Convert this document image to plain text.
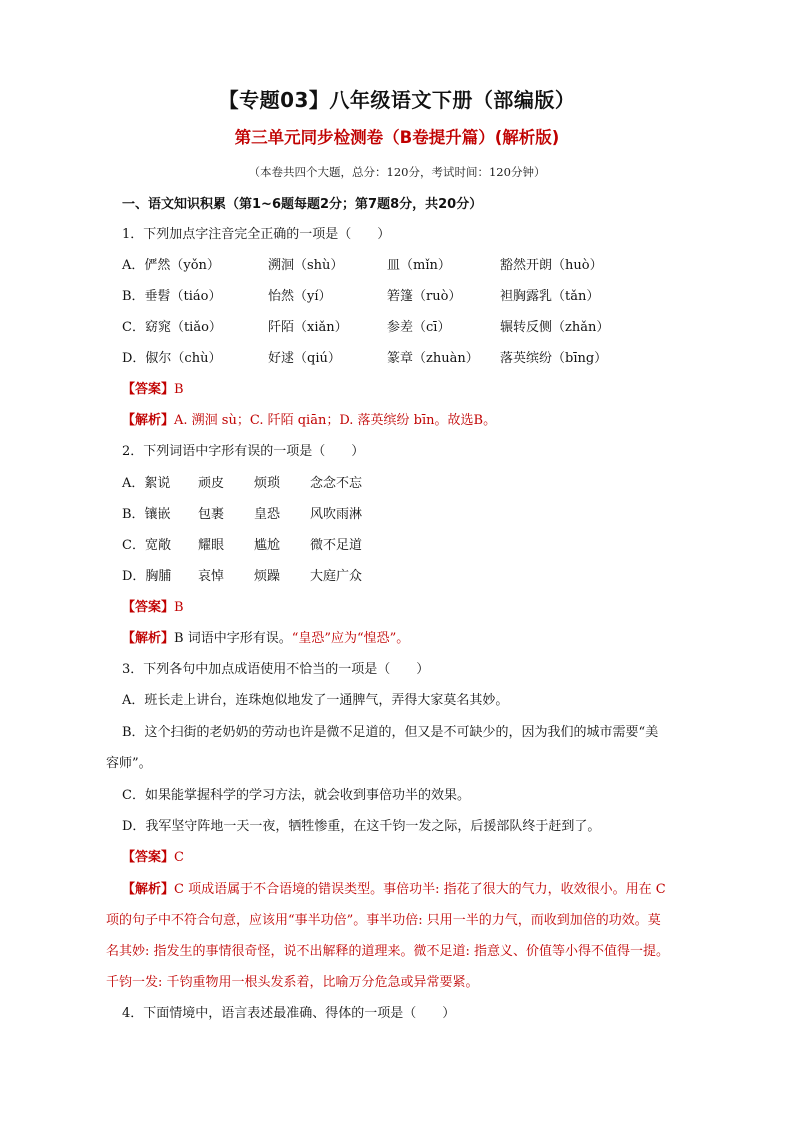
【专题03】八年级语文下册（部编版）
第三单元同步检测卷（B卷提升篇）(解析版)
（本卷共四个大题，总分：120分，考试时间：120分钟）
一、语文知识积累（第1~6题每题2分；第7题8分，共20分）
1．下列加点字注音完全正确的一项是（　　）
A．俨然（yǒn）	溯洄（shù）	皿（mǐn）	豁然开朗（huò）
B．垂髫（tiáo）	怡然（yí）	箬篷（ruò）	袒胸露乳（tǎn）
C．窈窕（tiǎo）	阡陌（xiǎn）	参差（cī）	辗转反侧（zhǎn）
D．俶尔（chù）	好逑（qiú）	篆章（zhuàn） 落英缤纷（bīng）
【答案】B
【解析】A. 溯洄 sù；C. 阡陌 qiān；D. 落英缤纷 bīn。故选B。
2．下列词语中字形有误的一项是（　　）
A．絮说 顽皮 烦琐 念念不忘
B．镶嵌 包裹 皇恐 风吹雨淋
C．宽敞 耀眼 尴尬 微不足道
D．胸脯 哀悼 烦躁 大庭广众
【答案】B
【解析】B 词语中字形有误。“皇恐”应为“惶恐”。
3．下列各句中加点成语使用不恰当的一项是（　　）
A．班长走上讲台，连珠炮似地发了一通脾气，弄得大家莫名其妙。
B．这个扫街的老奶奶的劳动也许是微不足道的，但又是不可缺少的，因为我们的城市需要“美
容师”。
C．如果能掌握科学的学习方法，就会收到事倍功半的效果。
D．我军坚守阵地一天一夜，牺牲惨重，在这千钧一发之际，后援部队终于赶到了。
【答案】C
【解析】C 项成语属于不合语境的错误类型。事倍功半: 指花了很大的气力，收效很小。用在 C
项的句子中不符合句意，应该用“事半功倍”。事半功倍: 只用一半的力气，而收到加倍的功效。莫
名其妙: 指发生的事情很奇怪，说不出解释的道理来。微不足道: 指意义、价值等小得不值得一提。
千钧一发: 千钧重物用一根头发系着，比喻万分危急或异常要紧。
4．下面情境中，语言表述最准确、得体的一项是（　　）
